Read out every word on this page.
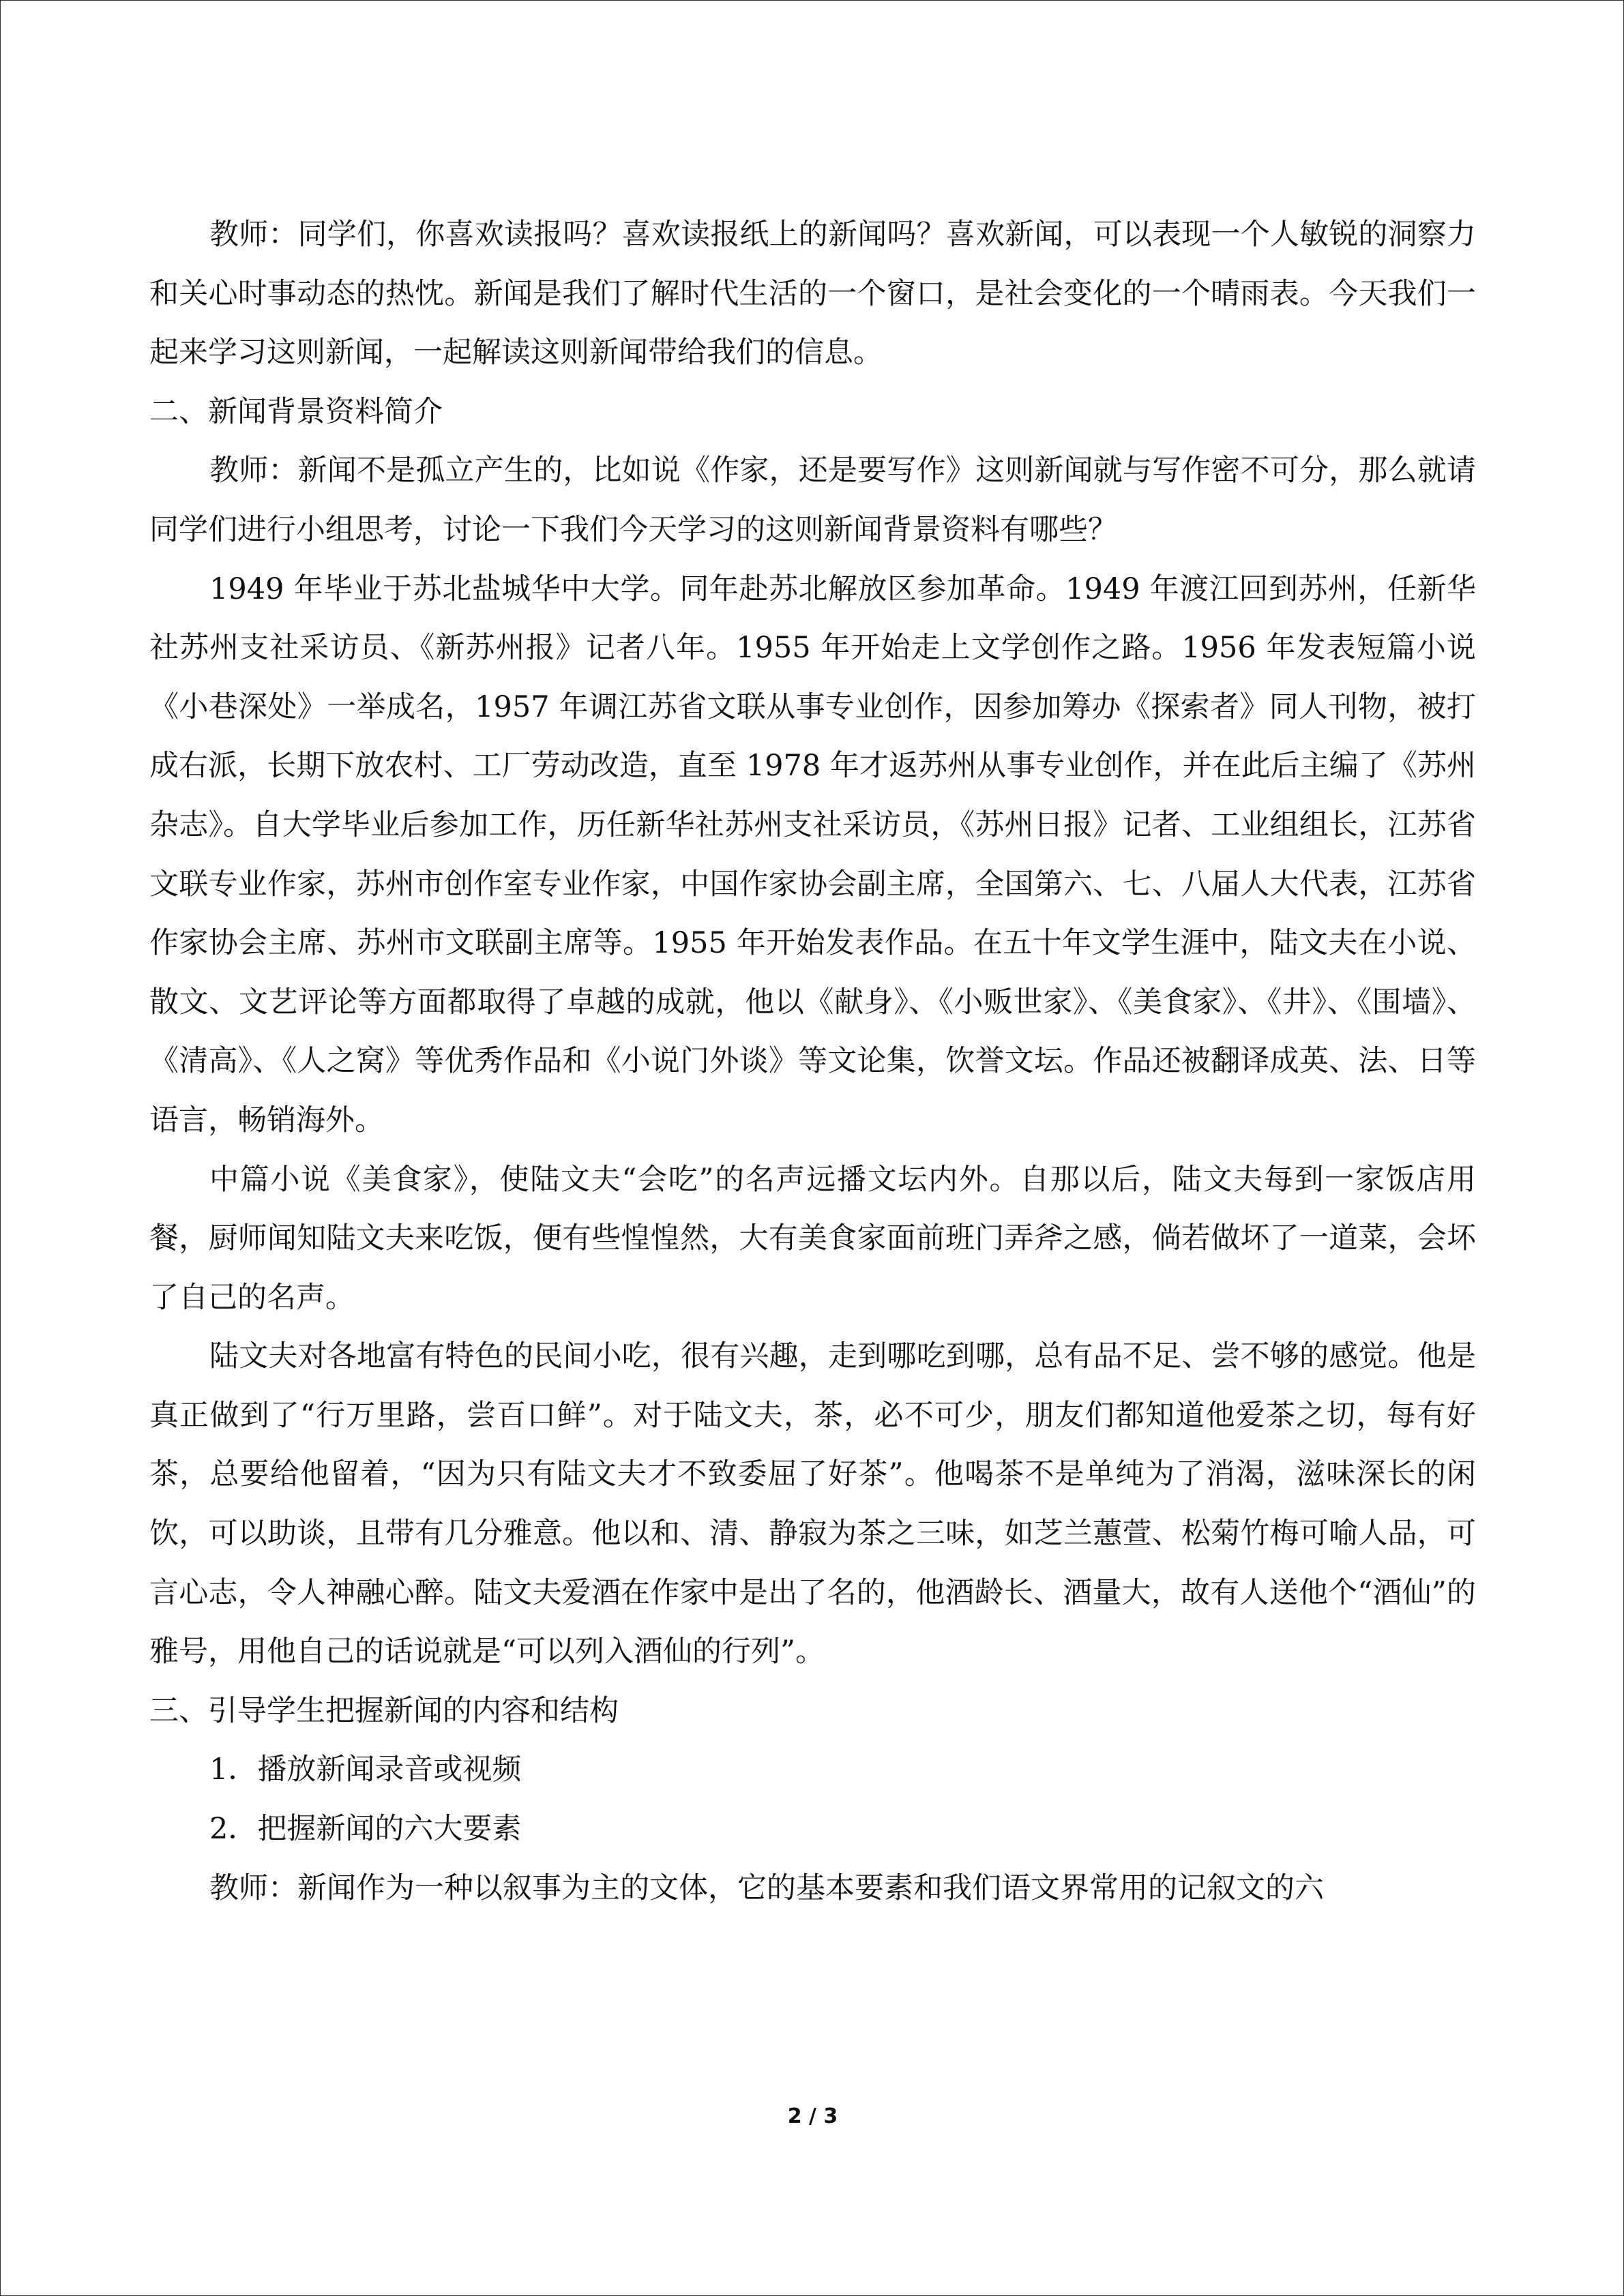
教师：同学们，你喜欢读报吗？喜欢读报纸上的新闻吗？喜欢新闻，可以表现一个人敏锐的洞察力和关心时事动态的热忱。新闻是我们了解时代生活的一个窗口，是社会变化的一个晴雨表。今天我们一起来学习这则新闻，一起解读这则新闻带给我们的信息。

二、新闻背景资料简介

教师：新闻不是孤立产生的，比如说《作家，还是要写作》这则新闻就与写作密不可分，那么就请同学们进行小组思考，讨论一下我们今天学习的这则新闻背景资料有哪些？

1949 年毕业于苏北盐城华中大学。同年赴苏北解放区参加革命。1949 年渡江回到苏州，任新华社苏州支社采访员、《新苏州报》记者八年。1955 年开始走上文学创作之路。1956 年发表短篇小说《小巷深处》一举成名，1957 年调江苏省文联从事专业创作，因参加筹办《探索者》同人刊物，被打成右派，长期下放农村、工厂劳动改造，直至 1978 年才返苏州从事专业创作，并在此后主编了《苏州杂志》。自大学毕业后参加工作，历任新华社苏州支社采访员，《苏州日报》记者、工业组组长，江苏省文联专业作家，苏州市创作室专业作家，中国作家协会副主席，全国第六、七、八届人大代表，江苏省作家协会主席、苏州市文联副主席等。1955 年开始发表作品。在五十年文学生涯中，陆文夫在小说、散文、文艺评论等方面都取得了卓越的成就，他以《献身》、《小贩世家》、《美食家》、《井》、《围墙》、《清高》、《人之窝》等优秀作品和《小说门外谈》等文论集，饮誉文坛。作品还被翻译成英、法、日等语言，畅销海外。

中篇小说《美食家》，使陆文夫“会吃”的名声远播文坛内外。自那以后，陆文夫每到一家饭店用餐，厨师闻知陆文夫来吃饭，便有些惶惶然，大有美食家面前班门弄斧之感，倘若做坏了一道菜，会坏了自己的名声。

陆文夫对各地富有特色的民间小吃，很有兴趣，走到哪吃到哪，总有品不足、尝不够的感觉。他是真正做到了“行万里路，尝百口鲜”。对于陆文夫，茶，必不可少，朋友们都知道他爱茶之切，每有好茶，总要给他留着，“因为只有陆文夫才不致委屈了好茶”。他喝茶不是单纯为了消渴，滋味深长的闲饮，可以助谈，且带有几分雅意。他以和、清、静寂为茶之三味，如芝兰蕙萱、松菊竹梅可喻人品，可言心志，令人神融心醉。陆文夫爱酒在作家中是出了名的，他酒龄长、酒量大，故有人送他个“酒仙”的雅号，用他自己的话说就是“可以列入酒仙的行列”。

三、引导学生把握新闻的内容和结构

1．播放新闻录音或视频

2．把握新闻的六大要素

教师：新闻作为一种以叙事为主的文体，它的基本要素和我们语文界常用的记叙文的六

2 / 3
